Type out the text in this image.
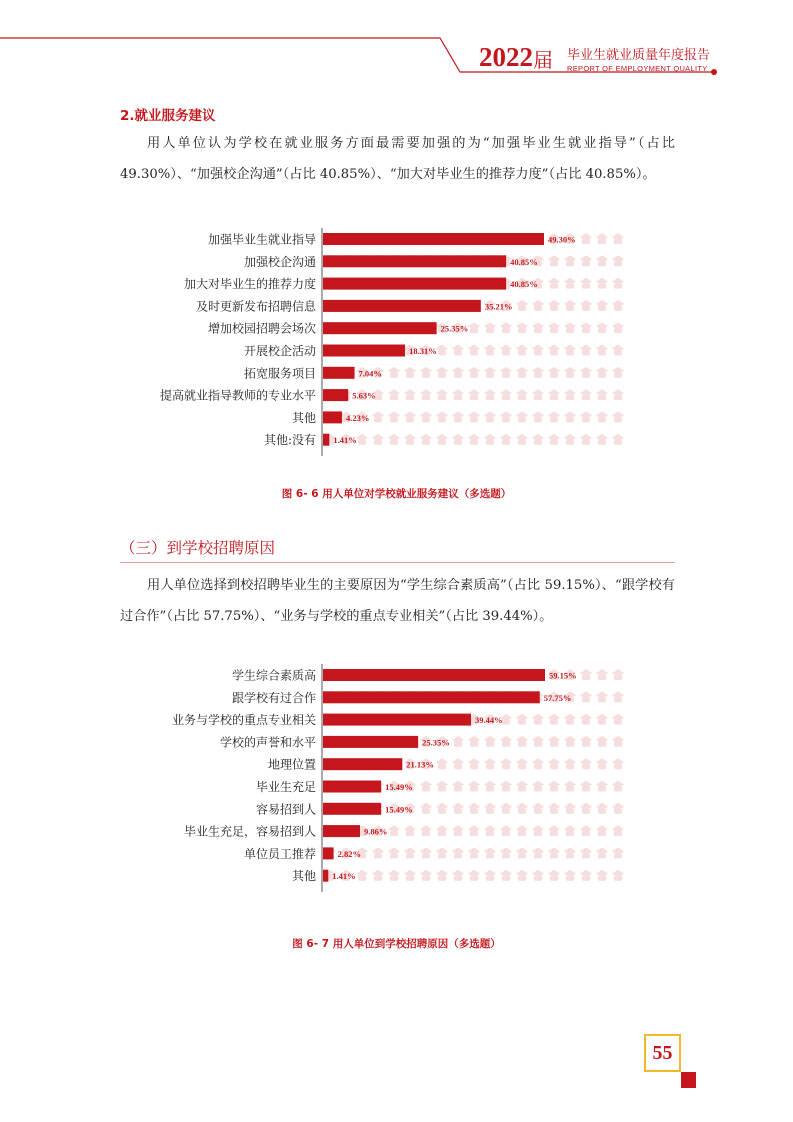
2022 届 毕业生就业质量年度报告
REPORT OF EMPLOYMENT QUALITY
2.就业服务建议

用人单位认为学校在就业服务方面最需要加强的为“加强毕业生就业指导”（占比 49.30%）、“加强校企沟通”（占比 40.85%）、“加大对毕业生的推荐力度”（占比 40.85%）。

加强毕业生就业指导	49.30%
加强校企沟通	40.85%
加大对毕业生的推荐力度	40.85%
及时更新发布招聘信息	35.21%
增加校园招聘会场次	25.35%
开展校企活动	18.31%
拓宽服务项目	7.04%
提高就业指导教师的专业水平	5.63%
其他	4.23%
其他:没有 1.41%
图 6- 6 用人单位对学校就业服务建议（多选题）
（三）到学校招聘原因

用人单位选择到校招聘毕业生的主要原因为“学生综合素质高”（占比 59.15%）、“跟学校有过合作”（占比 57.75%）、“业务与学校的重点专业相关”（占比 39.44%）。

学生综合素质高	59.15%
跟学校有过合作	57.75%
业务与学校的重点专业相关	39.44%
学校的声誉和水平	25.35%
地理位置	21.13%
毕业生充足	15.49%
容易招到人	15.49%
毕业生充足，容易招到人	9.86%
单位员工推荐	2.82%
其他 1.41%
图 6- 7 用人单位到学校招聘原因（多选题）
55
